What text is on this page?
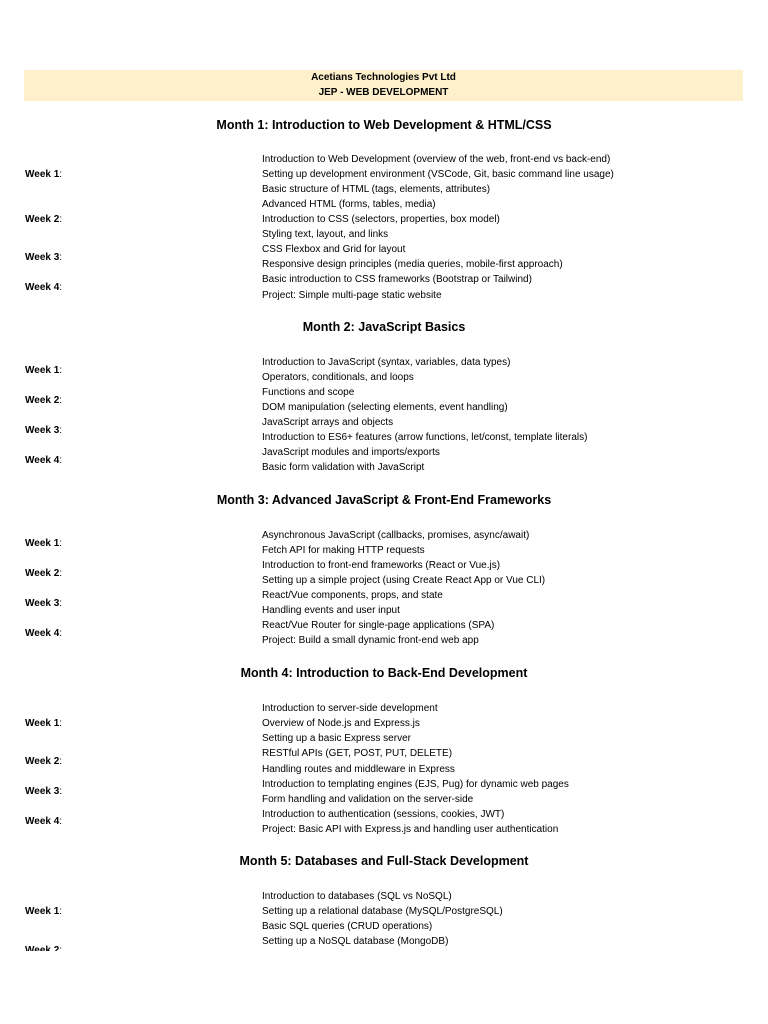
Acetians Technologies Pvt Ltd
JEP - WEB DEVELOPMENT
Month 1: Introduction to Web Development & HTML/CSS
Week 1:
Week 2:
Week 3:
Week 4:
Introduction to Web Development (overview of the web, front-end vs back-end)
Setting up development environment (VSCode, Git, basic command line usage)
Basic structure of HTML (tags, elements, attributes)
Advanced HTML (forms, tables, media)
Introduction to CSS (selectors, properties, box model)
Styling text, layout, and links
CSS Flexbox and Grid for layout
Responsive design principles (media queries, mobile-first approach)
Basic introduction to CSS frameworks (Bootstrap or Tailwind)
Project: Simple multi-page static website
Month 2: JavaScript Basics
Week 1:
Week 2:
Week 3:
Week 4:
Introduction to JavaScript (syntax, variables, data types)
Operators, conditionals, and loops
Functions and scope
DOM manipulation (selecting elements, event handling)
JavaScript arrays and objects
Introduction to ES6+ features (arrow functions, let/const, template literals)
JavaScript modules and imports/exports
Basic form validation with JavaScript
Month 3: Advanced JavaScript & Front-End Frameworks
Week 1:
Week 2:
Week 3:
Week 4:
Asynchronous JavaScript (callbacks, promises, async/await)
Fetch API for making HTTP requests
Introduction to front-end frameworks (React or Vue.js)
Setting up a simple project (using Create React App or Vue CLI)
React/Vue components, props, and state
Handling events and user input
React/Vue Router for single-page applications (SPA)
Project: Build a small dynamic front-end web app
Month 4: Introduction to Back-End Development
Week 1:
Week 2:
Week 3:
Week 4:
Introduction to server-side development
Overview of Node.js and Express.js
Setting up a basic Express server
RESTful APIs (GET, POST, PUT, DELETE)
Handling routes and middleware in Express
Introduction to templating engines (EJS, Pug) for dynamic web pages
Form handling and validation on the server-side
Introduction to authentication (sessions, cookies, JWT)
Project: Basic API with Express.js and handling user authentication
Month 5: Databases and Full-Stack Development
Week 1:
Introduction to databases (SQL vs NoSQL)
Setting up a relational database (MySQL/PostgreSQL)
Basic SQL queries (CRUD operations)
Setting up a NoSQL database (MongoDB)
